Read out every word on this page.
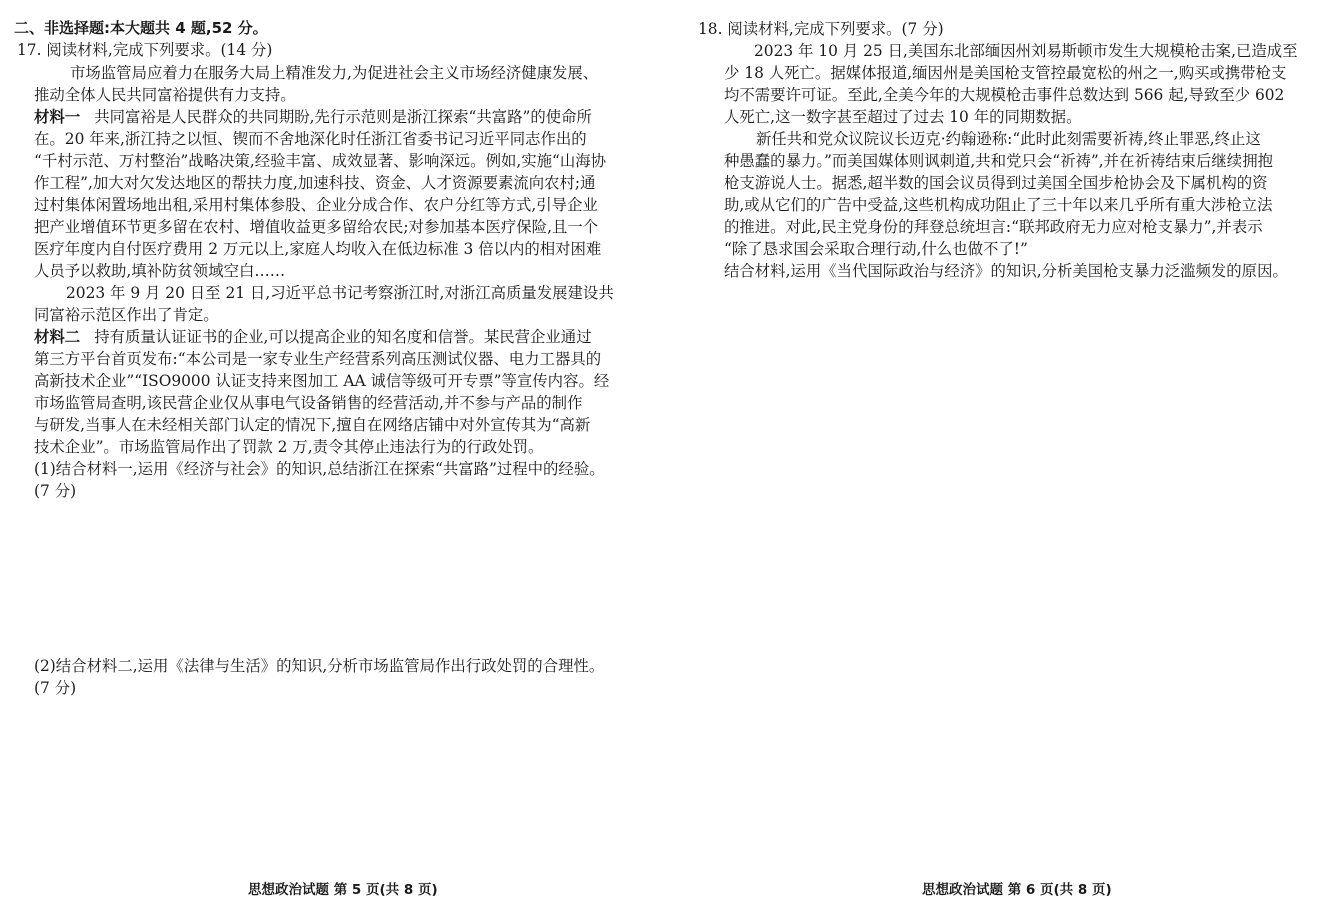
二、非选择题:本大题共 4 题,52 分。
17. 阅读材料,完成下列要求。(14 分)
市场监管局应着力在服务大局上精准发力,为促进社会主义市场经济健康发展、
推动全体人民共同富裕提供有力支持。
材料一 共同富裕是人民群众的共同期盼,先行示范则是浙江探索“共富路”的使命所
在。20 年来,浙江持之以恒、锲而不舍地深化时任浙江省委书记习近平同志作出的
“千村示范、万村整治”战略决策,经验丰富、成效显著、影响深远。例如,实施“山海协
作工程”,加大对欠发达地区的帮扶力度,加速科技、资金、人才资源要素流向农村;通
过村集体闲置场地出租,采用村集体参股、企业分成合作、农户分红等方式,引导企业
把产业增值环节更多留在农村、增值收益更多留给农民;对参加基本医疗保险,且一个
医疗年度内自付医疗费用 2 万元以上,家庭人均收入在低边标准 3 倍以内的相对困难
人员予以救助,填补防贫领域空白……
2023 年 9 月 20 日至 21 日,习近平总书记考察浙江时,对浙江高质量发展建设共
同富裕示范区作出了肯定。
材料二 持有质量认证证书的企业,可以提高企业的知名度和信誉。某民营企业通过
第三方平台首页发布:“本公司是一家专业生产经营系列高压测试仪器、电力工器具的
高新技术企业”“ISO9000 认证支持来图加工 AA 诚信等级可开专票”等宣传内容。经
市场监管局查明,该民营企业仅从事电气设备销售的经营活动,并不参与产品的制作
与研发,当事人在未经相关部门认定的情况下,擅自在网络店铺中对外宣传其为“高新
技术企业”。市场监管局作出了罚款 2 万,责令其停止违法行为的行政处罚。
(1)结合材料一,运用《经济与社会》的知识,总结浙江在探索“共富路”过程中的经验。
(7 分)
(2)结合材料二,运用《法律与生活》的知识,分析市场监管局作出行政处罚的合理性。
(7 分)
18. 阅读材料,完成下列要求。(7 分)
2023 年 10 月 25 日,美国东北部缅因州刘易斯顿市发生大规模枪击案,已造成至
少 18 人死亡。据媒体报道,缅因州是美国枪支管控最宽松的州之一,购买或携带枪支
均不需要许可证。至此,全美今年的大规模枪击事件总数达到 566 起,导致至少 602
人死亡,这一数字甚至超过了过去 10 年的同期数据。
新任共和党众议院议长迈克·约翰逊称:“此时此刻需要祈祷,终止罪恶,终止这
种愚蠢的暴力。”而美国媒体则讽刺道,共和党只会“祈祷”,并在祈祷结束后继续拥抱
枪支游说人士。据悉,超半数的国会议员得到过美国全国步枪协会及下属机构的资
助,或从它们的广告中受益,这些机构成功阻止了三十年以来几乎所有重大涉枪立法
的推进。对此,民主党身份的拜登总统坦言:“联邦政府无力应对枪支暴力”,并表示
“除了恳求国会采取合理行动,什么也做不了!”
结合材料,运用《当代国际政治与经济》的知识,分析美国枪支暴力泛滥频发的原因。
思想政治试题 第 5 页(共 8 页)	思想政治试题 第 6 页(共 8 页)
